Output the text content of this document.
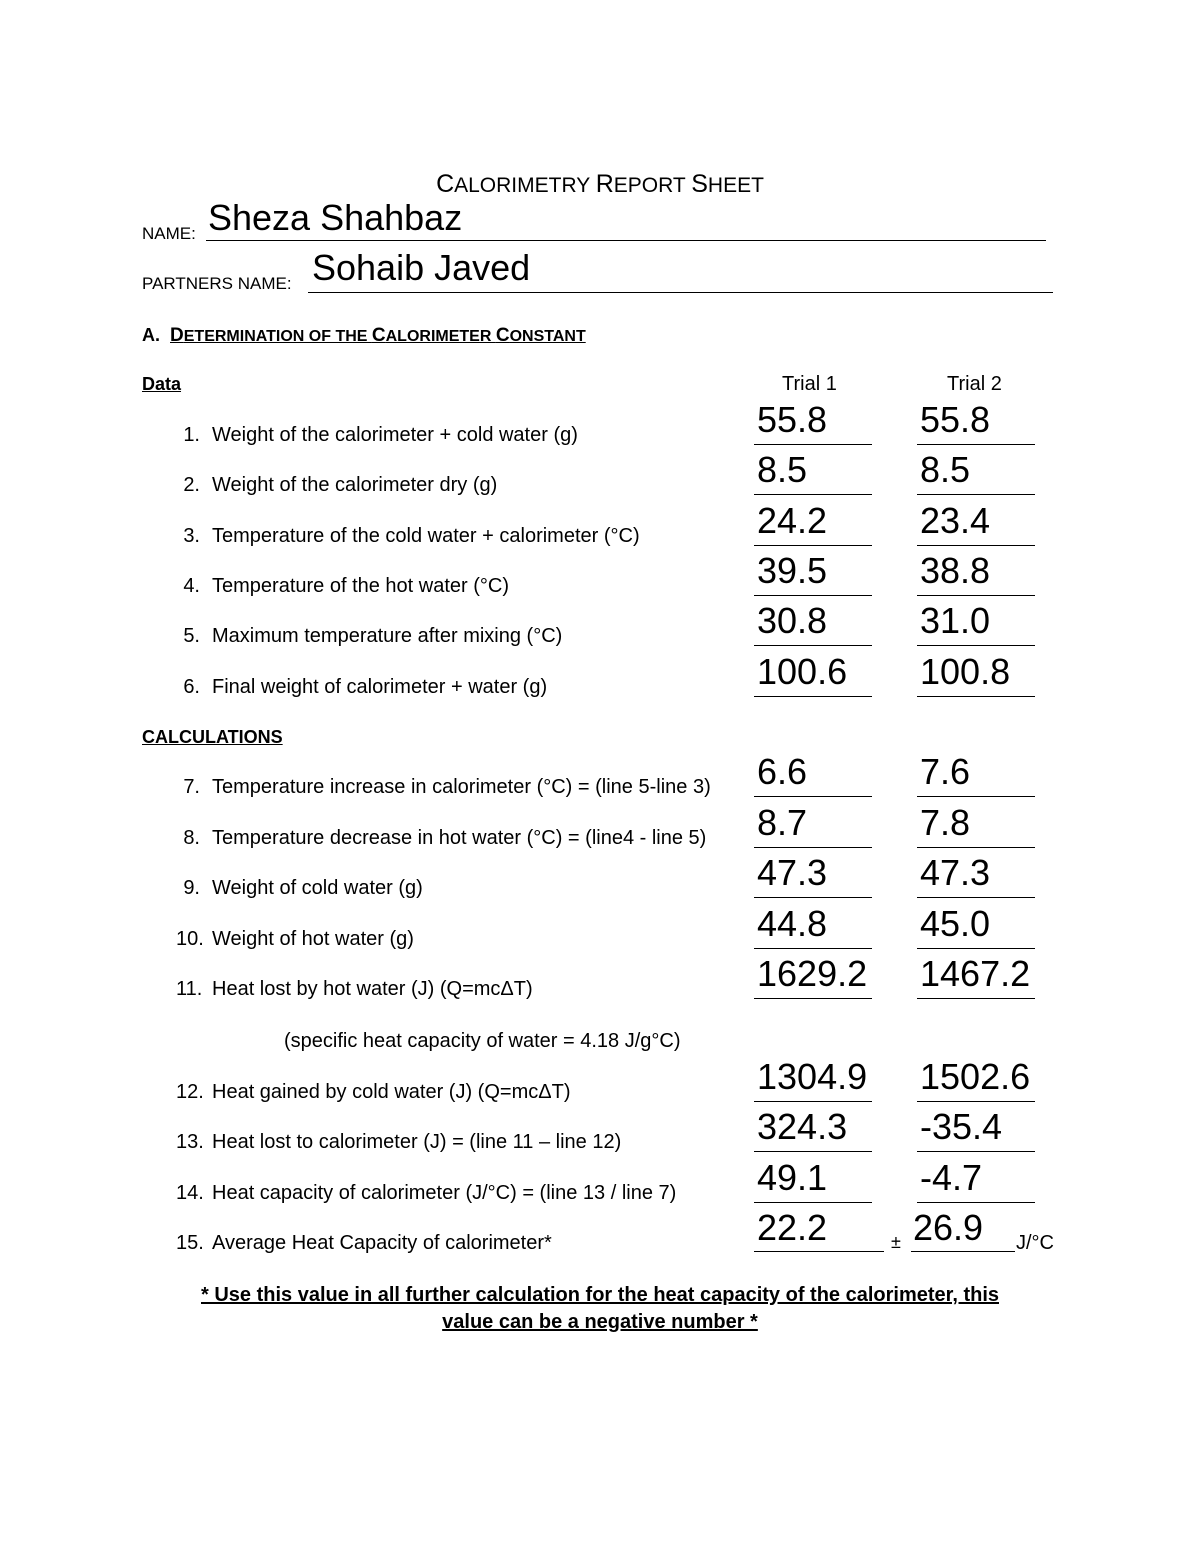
CALORIMETRY REPORT SHEET
NAME: Sheza Shahbaz
PARTNERS NAME: Sohaib Javed
A. DETERMINATION OF THE CALORIMETER CONSTANT
Data	Trial 1	Trial 2
1. Weight of the calorimeter + cold water (g)	55.8	55.8
2. Weight of the calorimeter dry (g)	8.5	8.5
3. Temperature of the cold water + calorimeter (°C)	24.2	23.4
4. Temperature of the hot water (°C)	39.5	38.8
5. Maximum temperature after mixing (°C)	30.8	31.0
6. Final weight of calorimeter + water (g)	100.6 100.8
7. Temperature increase in calorimeter (°C) = (line 5-line 3) 6.6	7.6
8. Temperature decrease in hot water (°C) = (line4 - line 5) 8.7	7.8
9. Weight of cold water (g)	47.3	47.3
10. Weight of hot water (g)	44.8	45.0
11. Heat lost by hot water (J) (Q=mcΔT)	1629.2 1467.2
12. Heat gained by cold water (J) (Q=mcΔT)	1304.9 1502.6
13. Heat lost to calorimeter (J) = (line 11 – line 12)	324.3 -35.4
14. Heat capacity of calorimeter (J/°C) = (line 13 / line 7) 49.1	-4.7
CALCULATIONS
(specific heat capacity of water = 4.18 J/g°C)
15. Average Heat Capacity of calorimeter*	22.2	± 26.9 J/°C
* Use this value in all further calculation for the heat capacity of the calorimeter, this
value can be a negative number *
